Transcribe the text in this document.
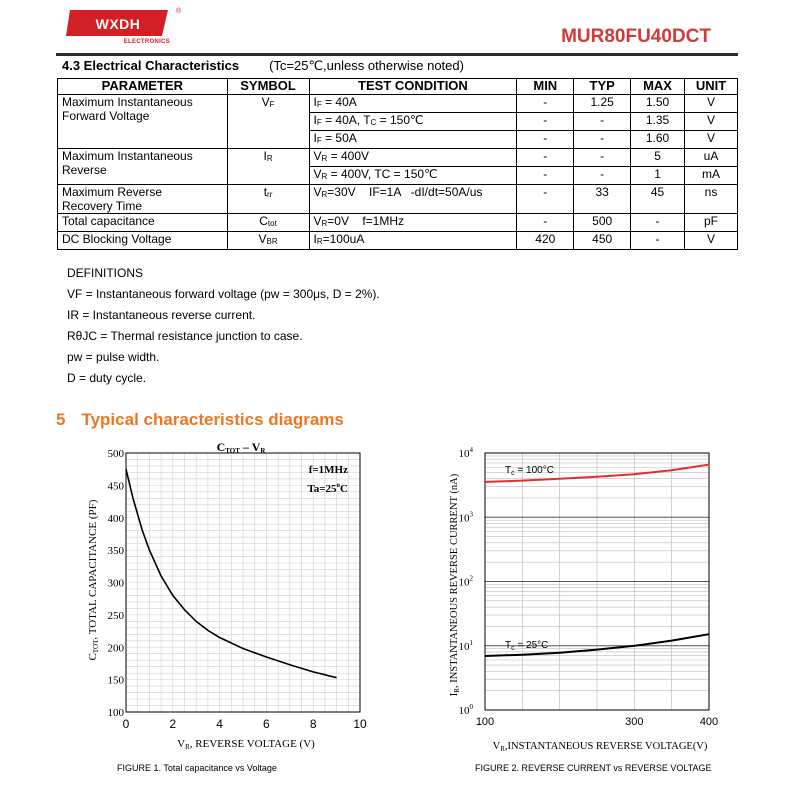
WXDH
ELECTRONICS
®
MUR80FU40DCT
4.3 Electrical Characteristics (Tc=25℃,unless otherwise noted)
PARAMETER	SYMBOL	TEST CONDITION	MIN	TYP	MAX	UNIT
Maximum Instantaneous
Forward Voltage	VF	IF = 40A	-	1.25	1.50	V
		IF = 40A, TC = 150℃	-	-	1.35	V
		IF = 50A	-	-	1.60	V
Maximum Instantaneous
Reverse	IR	VR = 400V	-	-	5	uA
		VR = 400V, TC = 150℃	-	-	1	mA
Maximum Reverse
Recovery Time	trr	VR=30V    IF=1A   -dI/dt=50A/us	-	33	45	ns
Total capacitance	Ctot	VR=0V    f=1MHz	-	500	-	pF
DC Blocking Voltage	VBR	IR=100uA	420	450	-	V
DEFINITIONS
VF = Instantaneous forward voltage (pw = 300μs, D = 2%).
IR = Instantaneous reverse current.
RθJC = Thermal resistance junction to case.
pw = pulse width.
D = duty cycle.
5 Typical characteristics diagrams
0	2	4	6	8	10
100
150
200
250
300
350
400
450
500	CTOT – VR
f=1MHz
$Ta=25^oC$
VR, REVERSE VOLTAGE (V)
CTOT, TOTAL CAPACITANCE (PF)
FIGURE 1. Total capacitance vs Voltage
100	300	400
$10^0$
$10^1$
$10^2$
$10^3$
$10^4$
$T_c = 100^\circ C$
$T_c = 25^\circ C$
VR,INSTANTANEOUS REVERSE VOLTAGE(V)
IR, INSTANTANEOUS REVERSE CURRENT (nA)
FIGURE 2. REVERSE CURRENT vs REVERSE VOLTAGE
